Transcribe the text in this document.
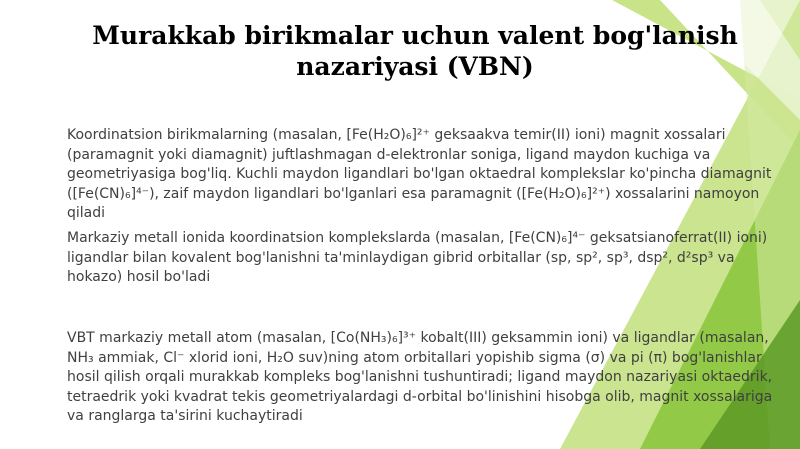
Murakkab birikmalar uchun valent bog'lanish nazariyasi (VBN)
Koordinatsion birikmalarning (masalan, [Fe(H₂O)₆]²⁺ geksaakva temir(II) ioni) magnit xossalari (paramagnit yoki diamagnit) juftlashmagan d-elektronlar soniga, ligand maydon kuchiga va geometriyasiga bog'liq. Kuchli maydon ligandlari bo'lgan oktaedral komplekslar ko'pincha diamagnit ([Fe(CN)₆]⁴⁻), zaif maydon ligandlari bo'lganlari esa paramagnit ([Fe(H₂O)₆]²⁺) xossalarini namoyon qiladi
Markaziy metall ionida koordinatsion komplekslarda (masalan, [Fe(CN)₆]⁴⁻ geksatsianoferrat(II) ioni) ligandlar bilan kovalent bog'lanishni ta'minlaydigan gibrid orbitallar (sp, sp², sp³, dsp², d²sp³ va hokazo) hosil bo'ladi
VBT markaziy metall atom (masalan, [Co(NH₃)₆]³⁺ kobalt(III) geksammin ioni) va ligandlar (masalan, NH₃ ammiak, Cl⁻ xlorid ioni, H₂O suv)ning atom orbitallari yopishib sigma (σ) va pi (π) bog'lanishlar hosil qilish orqali murakkab kompleks bog'lanishni tushuntiradi; ligand maydon nazariyasi oktaedrik, tetraedrik yoki kvadrat tekis geometriyalardagi d-orbital bo'linishini hisobga olib, magnit xossalariga va ranglarga ta'sirini kuchaytiradi
